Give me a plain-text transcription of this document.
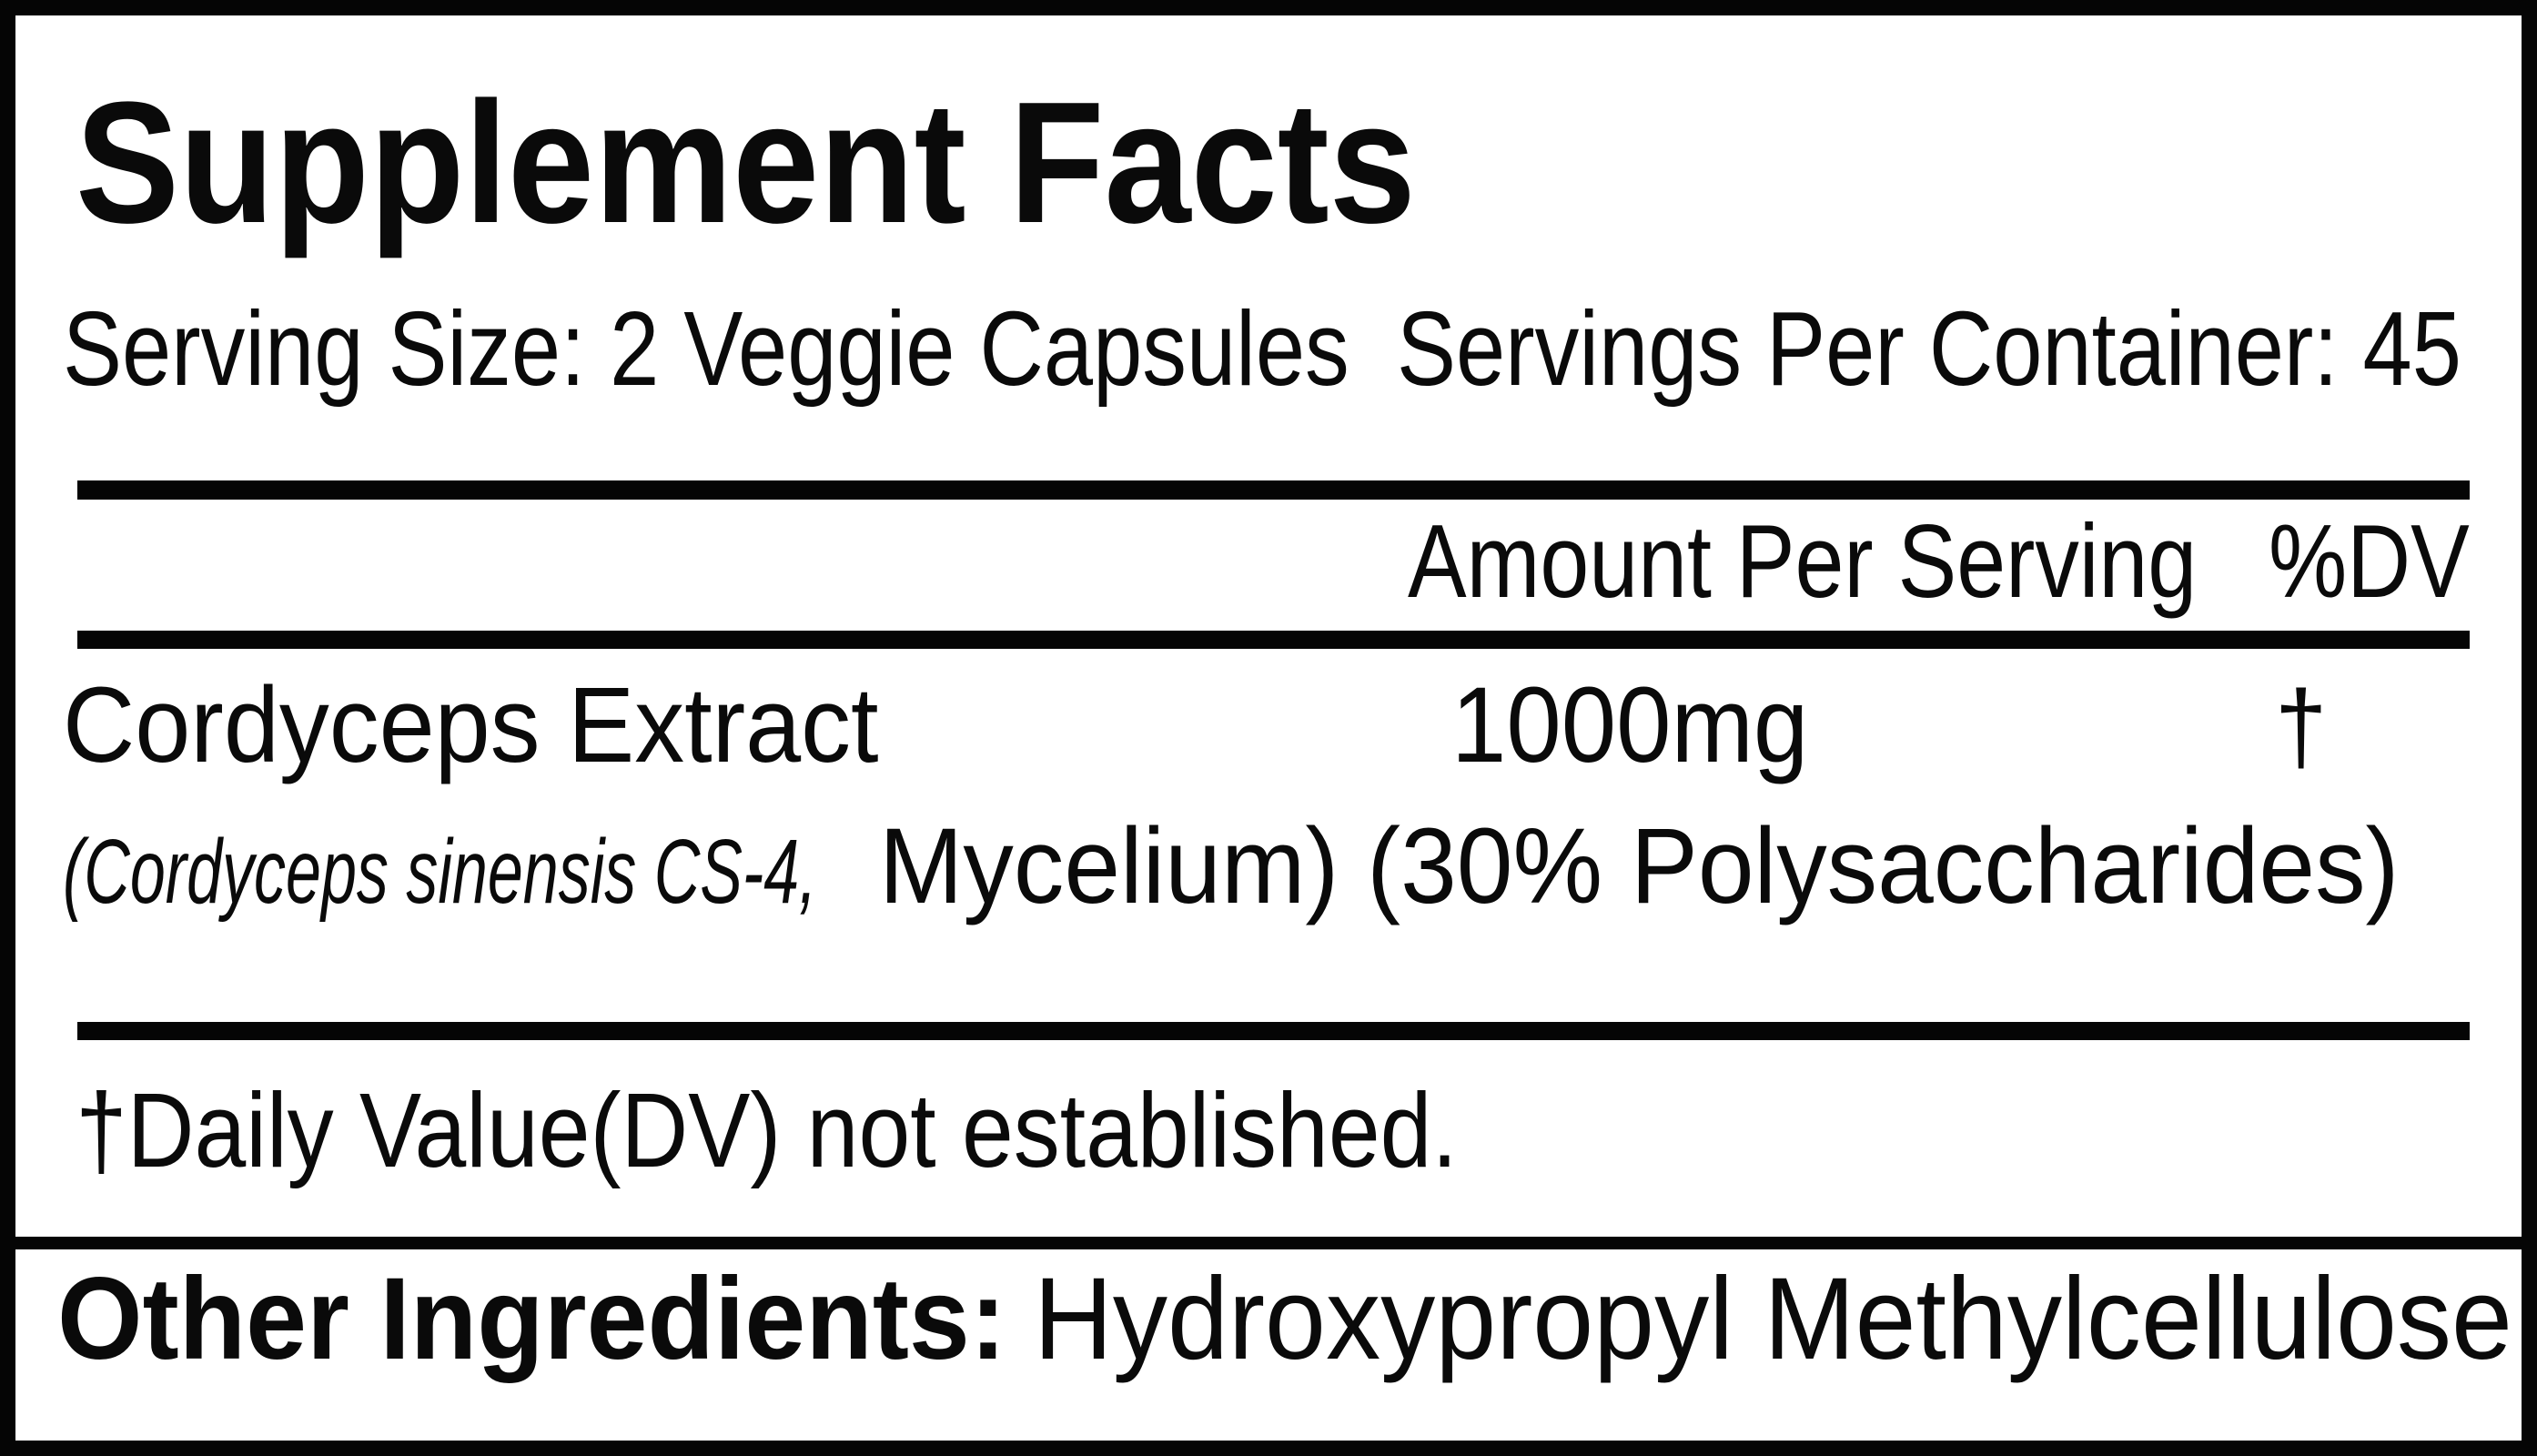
Supplement Facts
Serving Size: 2 Veggie Capsules Servings Per Container: 45
Amount Per Serving %DV
Cordyceps Extract	1000mg	†
(Cordyceps sinensis CS-4, Mycelium) (30% Polysaccharides)
†Daily Value(DV) not established.
Other Ingredients: Hydroxypropyl Methylcellulose
